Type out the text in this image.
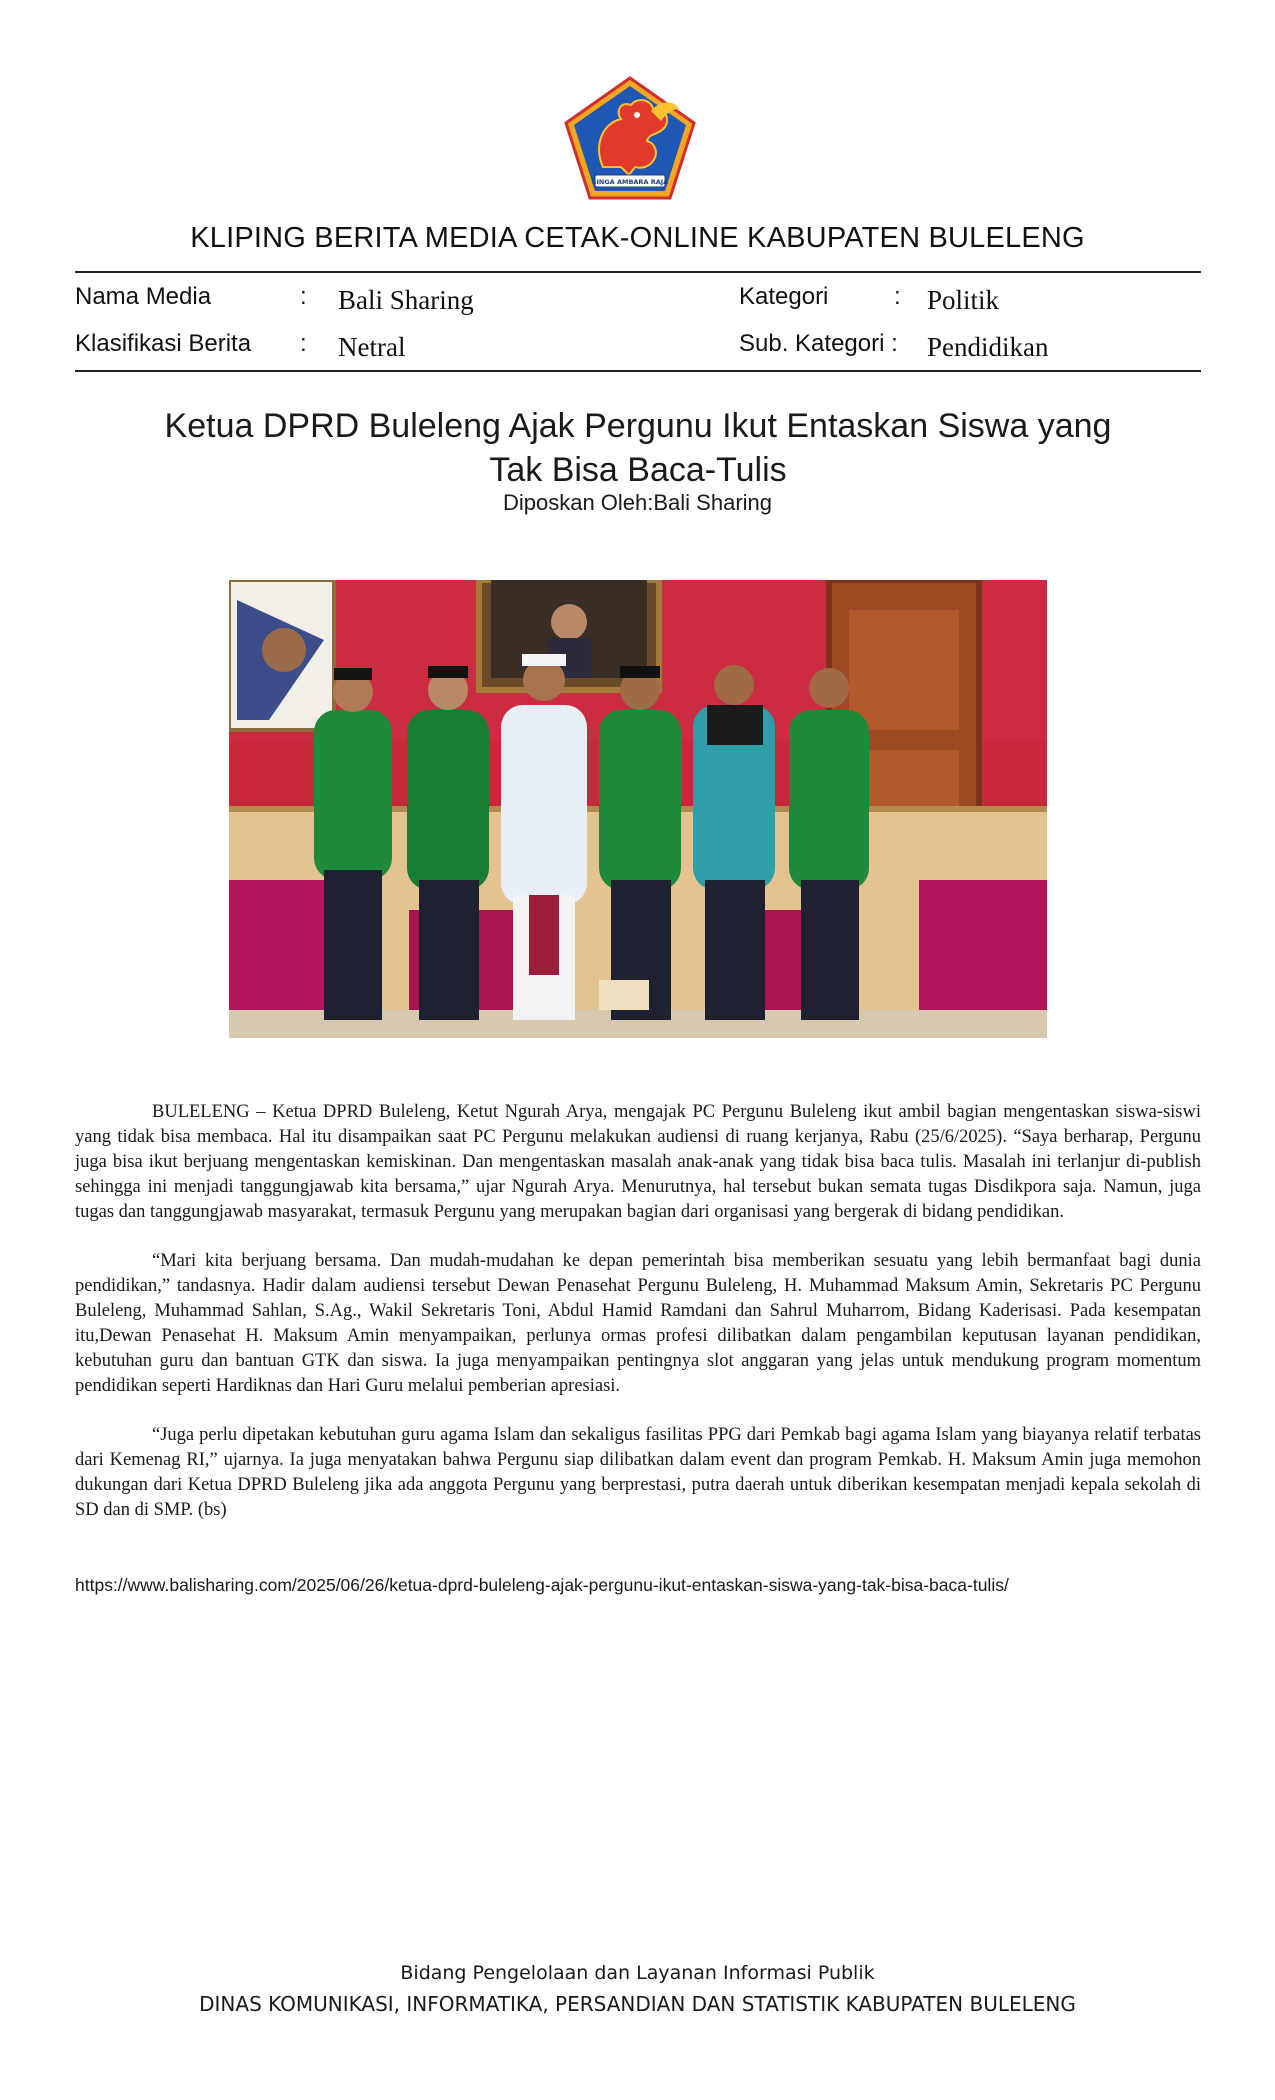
SINGA AMBARA RAJA
KLIPING BERITA MEDIA CETAK-ONLINE KABUPATEN BULELENG
Nama Media	: Bali Sharing
Klasifikasi Berita : Netral
Kategori	: Politik
Sub. Kategori : Pendidikan
Ketua DPRD Buleleng Ajak Pergunu Ikut Entaskan Siswa yang
Tak Bisa Baca-Tulis
Diposkan Oleh:Bali Sharing

BULELENG – Ketua DPRD Buleleng, Ketut Ngurah Arya, mengajak PC Pergunu Buleleng ikut ambil bagian mengentaskan siswa-siswi yang tidak bisa membaca. Hal itu disampaikan saat PC Pergunu melakukan audiensi di ruang kerjanya, Rabu (25/6/2025). “Saya berharap, Pergunu juga bisa ikut berjuang mengentaskan kemiskinan. Dan mengentaskan masalah anak-anak yang tidak bisa baca tulis. Masalah ini terlanjur di-publish sehingga ini menjadi tanggungjawab kita bersama,” ujar Ngurah Arya. Menurutnya, hal tersebut bukan semata tugas Disdikpora saja. Namun, juga tugas dan tanggungjawab masyarakat, termasuk Pergunu yang merupakan bagian dari organisasi yang bergerak di bidang pendidikan.

“Mari kita berjuang bersama. Dan mudah-mudahan ke depan pemerintah bisa memberikan sesuatu yang lebih bermanfaat bagi dunia pendidikan,” tandasnya. Hadir dalam audiensi tersebut Dewan Penasehat Pergunu Buleleng, H. Muhammad Maksum Amin, Sekretaris PC Pergunu Buleleng, Muhammad Sahlan, S.Ag., Wakil Sekretaris Toni, Abdul Hamid Ramdani dan Sahrul Muharrom, Bidang Kaderisasi. Pada kesempatan itu,Dewan Penasehat H. Maksum Amin menyampaikan, perlunya ormas profesi dilibatkan dalam pengambilan keputusan layanan pendidikan, kebutuhan guru dan bantuan GTK dan siswa. Ia juga menyampaikan pentingnya slot anggaran yang jelas untuk mendukung program momentum pendidikan seperti Hardiknas dan Hari Guru melalui pemberian apresiasi.

“Juga perlu dipetakan kebutuhan guru agama Islam dan sekaligus fasilitas PPG dari Pemkab bagi agama Islam yang biayanya relatif terbatas dari Kemenag RI,” ujarnya. Ia juga menyatakan bahwa Pergunu siap dilibatkan dalam event dan program Pemkab. H. Maksum Amin juga memohon dukungan dari Ketua DPRD Buleleng jika ada anggota Pergunu yang berprestasi, putra daerah untuk diberikan kesempatan menjadi kepala sekolah di SD dan di SMP. (bs)

https://www.balisharing.com/2025/06/26/ketua-dprd-buleleng-ajak-pergunu-ikut-entaskan-siswa-yang-tak-bisa-baca-tulis/
Bidang Pengelolaan dan Layanan Informasi Publik
DINAS KOMUNIKASI, INFORMATIKA, PERSANDIAN DAN STATISTIK KABUPATEN BULELENG
